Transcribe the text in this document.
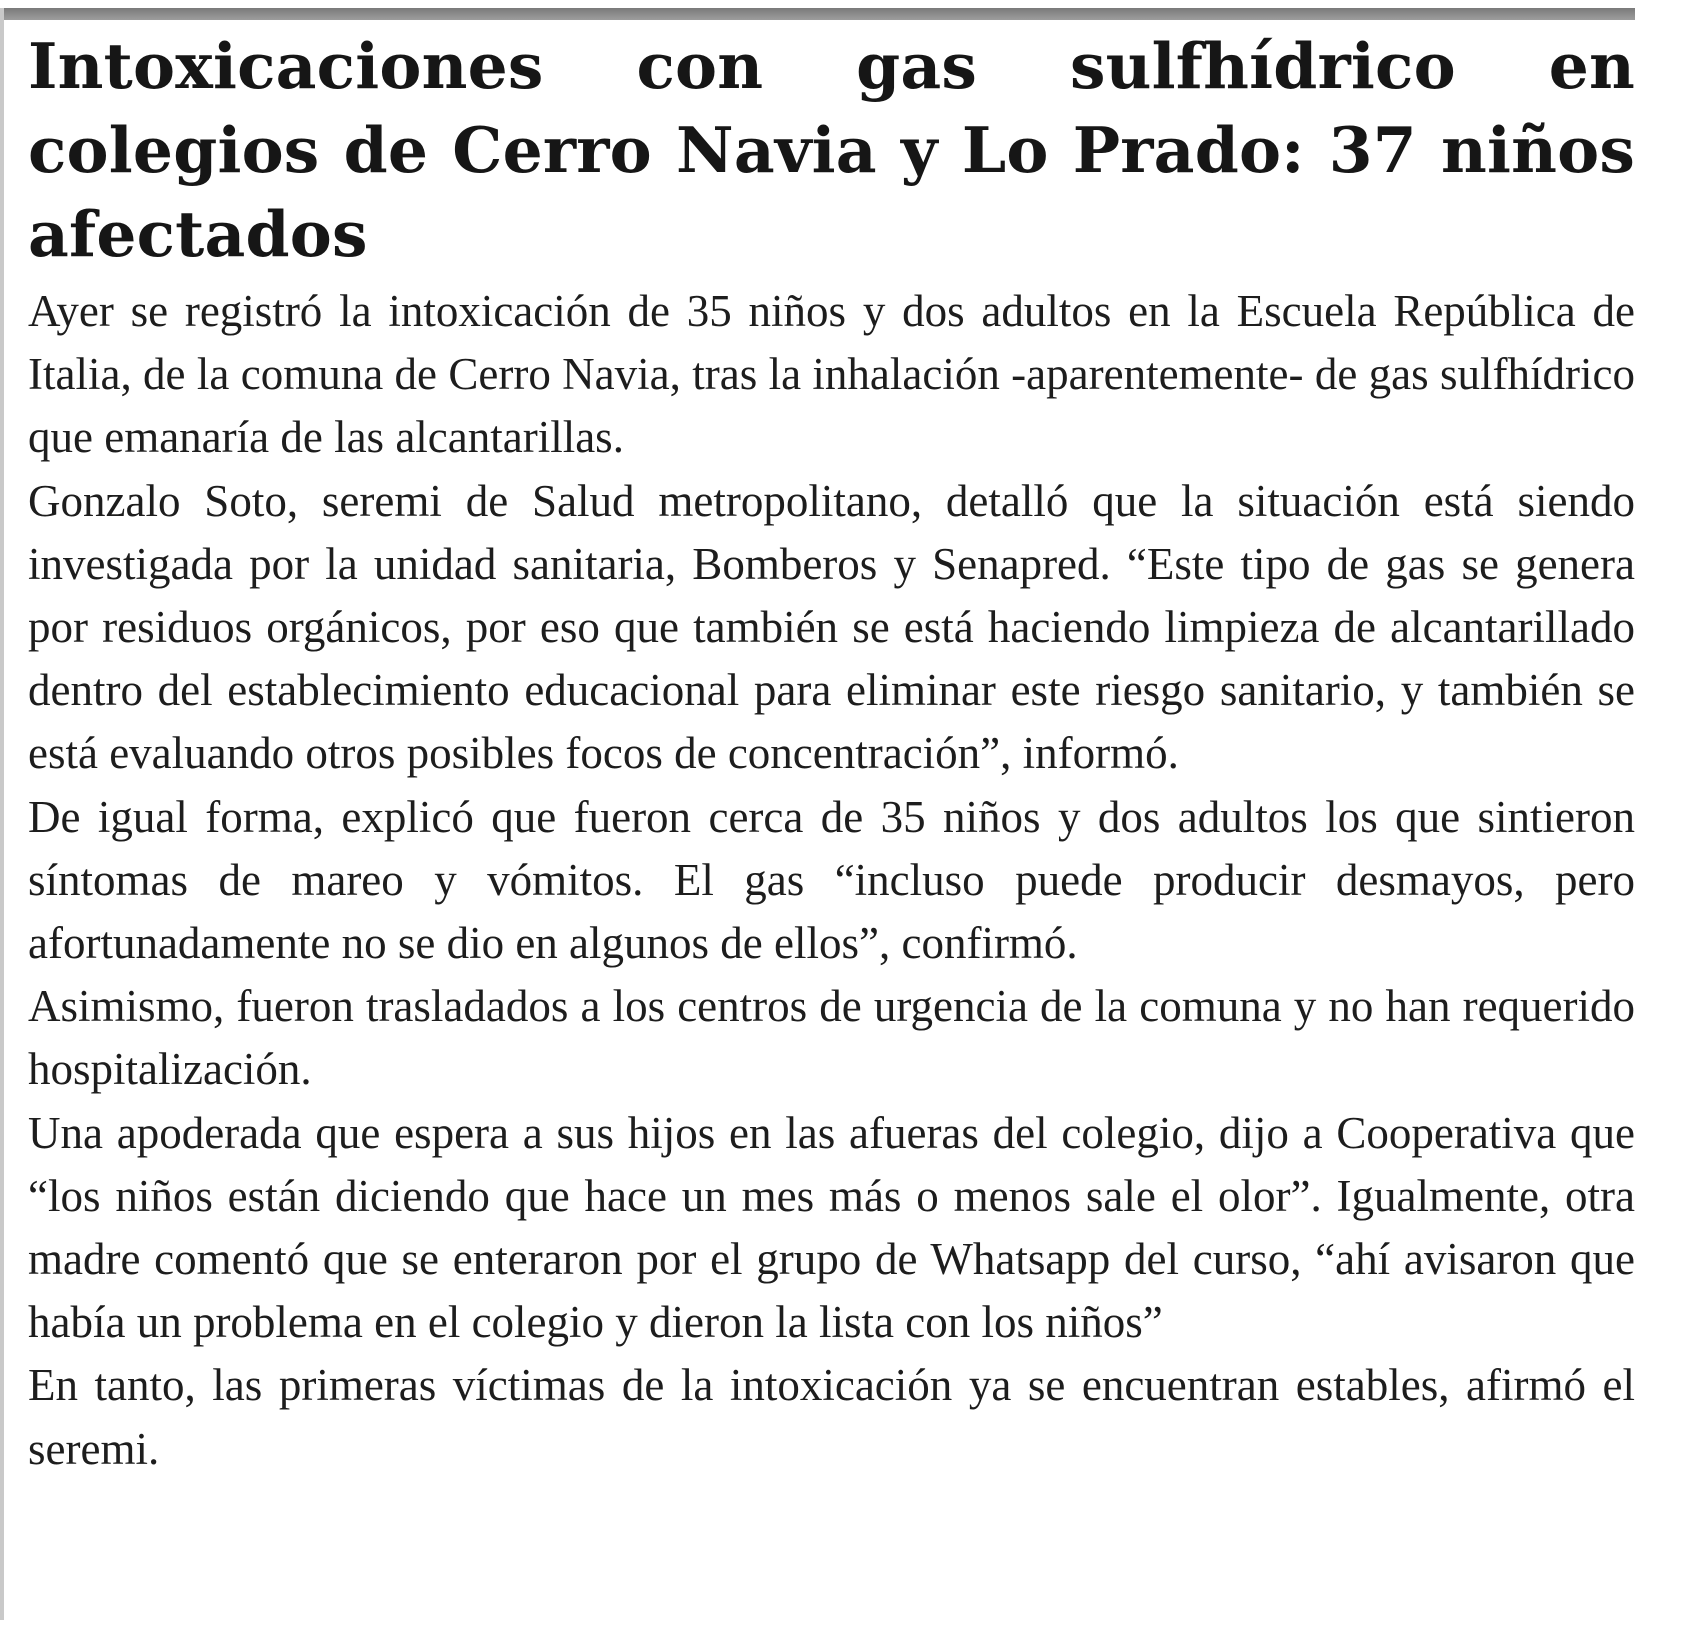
Intoxicaciones con gas sulfhídrico en colegios de Cerro Navia y Lo Prado: 37 niños afectados

Ayer se registró la intoxicación de 35 niños y dos adultos en la Escuela República de Italia, de la comuna de Cerro Navia, tras la inhalación -aparentemente- de gas sulfhídrico que emanaría de las alcantarillas.

Gonzalo Soto, seremi de Salud metropolitano, detalló que la situación está siendo investigada por la unidad sanitaria, Bomberos y Senapred. “Este tipo de gas se genera por residuos orgánicos, por eso que también se está haciendo limpieza de alcantarillado dentro del establecimiento educacional para eliminar este riesgo sanitario, y también se está evaluando otros posibles focos de concentración”, informó.

De igual forma, explicó que fueron cerca de 35 niños y dos adultos los que sintieron síntomas de mareo y vómitos. El gas “incluso puede producir desmayos, pero afortunadamente no se dio en algunos de ellos”, confirmó.

Asimismo, fueron trasladados a los centros de urgencia de la comuna y no han requerido hospitalización.

Una apoderada que espera a sus hijos en las afueras del colegio, dijo a Cooperativa que “los niños están diciendo que hace un mes más o menos sale el olor”. Igualmente, otra madre comentó que se enteraron por el grupo de Whatsapp del curso, “ahí avisaron que había un problema en el colegio y dieron la lista con los niños”

En tanto, las primeras víctimas de la intoxicación ya se encuentran estables, afirmó el seremi.
